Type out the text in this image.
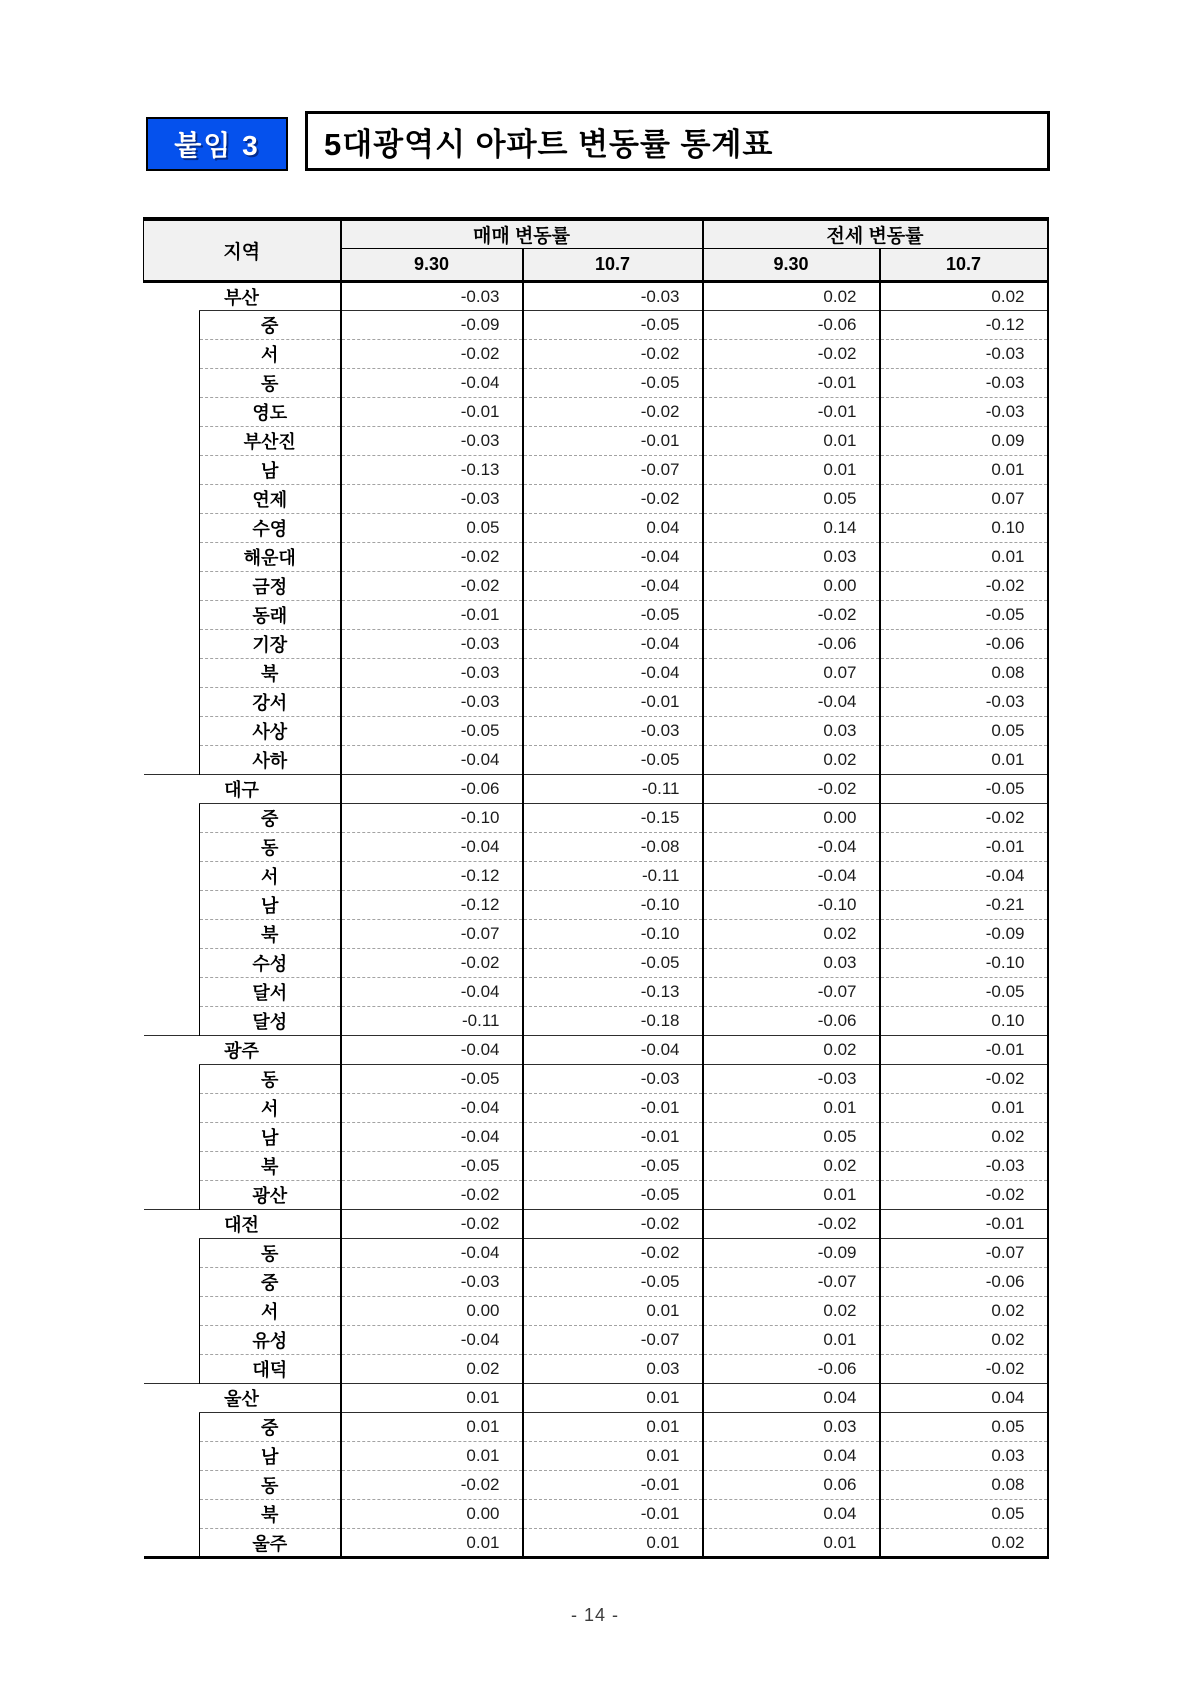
붙임 3	5대광역시 아파트 변동률 통계표
지역		매매 변동률		전세 변동률	
		9.30	10.7	9.30	10.7
부산		-0.03	-0.03	0.02	0.02
	중	-0.09	-0.05	-0.06	-0.12
	서	-0.02	-0.02	-0.02	-0.03
	동	-0.04	-0.05	-0.01	-0.03
	영도	-0.01	-0.02	-0.01	-0.03
	부산진	-0.03	-0.01	0.01	0.09
	남	-0.13	-0.07	0.01	0.01
	연제	-0.03	-0.02	0.05	0.07
	수영	0.05	0.04	0.14	0.10
	해운대	-0.02	-0.04	0.03	0.01
	금정	-0.02	-0.04	0.00	-0.02
	동래	-0.01	-0.05	-0.02	-0.05
	기장	-0.03	-0.04	-0.06	-0.06
	북	-0.03	-0.04	0.07	0.08
	강서	-0.03	-0.01	-0.04	-0.03
	사상	-0.05	-0.03	0.03	0.05
	사하	-0.04	-0.05	0.02	0.01
대구		-0.06	-0.11	-0.02	-0.05
	중	-0.10	-0.15	0.00	-0.02
	동	-0.04	-0.08	-0.04	-0.01
	서	-0.12	-0.11	-0.04	-0.04
	남	-0.12	-0.10	-0.10	-0.21
	북	-0.07	-0.10	0.02	-0.09
	수성	-0.02	-0.05	0.03	-0.10
	달서	-0.04	-0.13	-0.07	-0.05
	달성	-0.11	-0.18	-0.06	0.10
광주		-0.04	-0.04	0.02	-0.01
	동	-0.05	-0.03	-0.03	-0.02
	서	-0.04	-0.01	0.01	0.01
	남	-0.04	-0.01	0.05	0.02
	북	-0.05	-0.05	0.02	-0.03
	광산	-0.02	-0.05	0.01	-0.02
대전		-0.02	-0.02	-0.02	-0.01
	동	-0.04	-0.02	-0.09	-0.07
	중	-0.03	-0.05	-0.07	-0.06
	서	0.00	0.01	0.02	0.02
	유성	-0.04	-0.07	0.01	0.02
	대덕	0.02	0.03	-0.06	-0.02
울산		0.01	0.01	0.04	0.04
	중	0.01	0.01	0.03	0.05
	남	0.01	0.01	0.04	0.03
	동	-0.02	-0.01	0.06	0.08
	북	0.00	-0.01	0.04	0.05
	울주	0.01	0.01	0.01	0.02
- 14 -
